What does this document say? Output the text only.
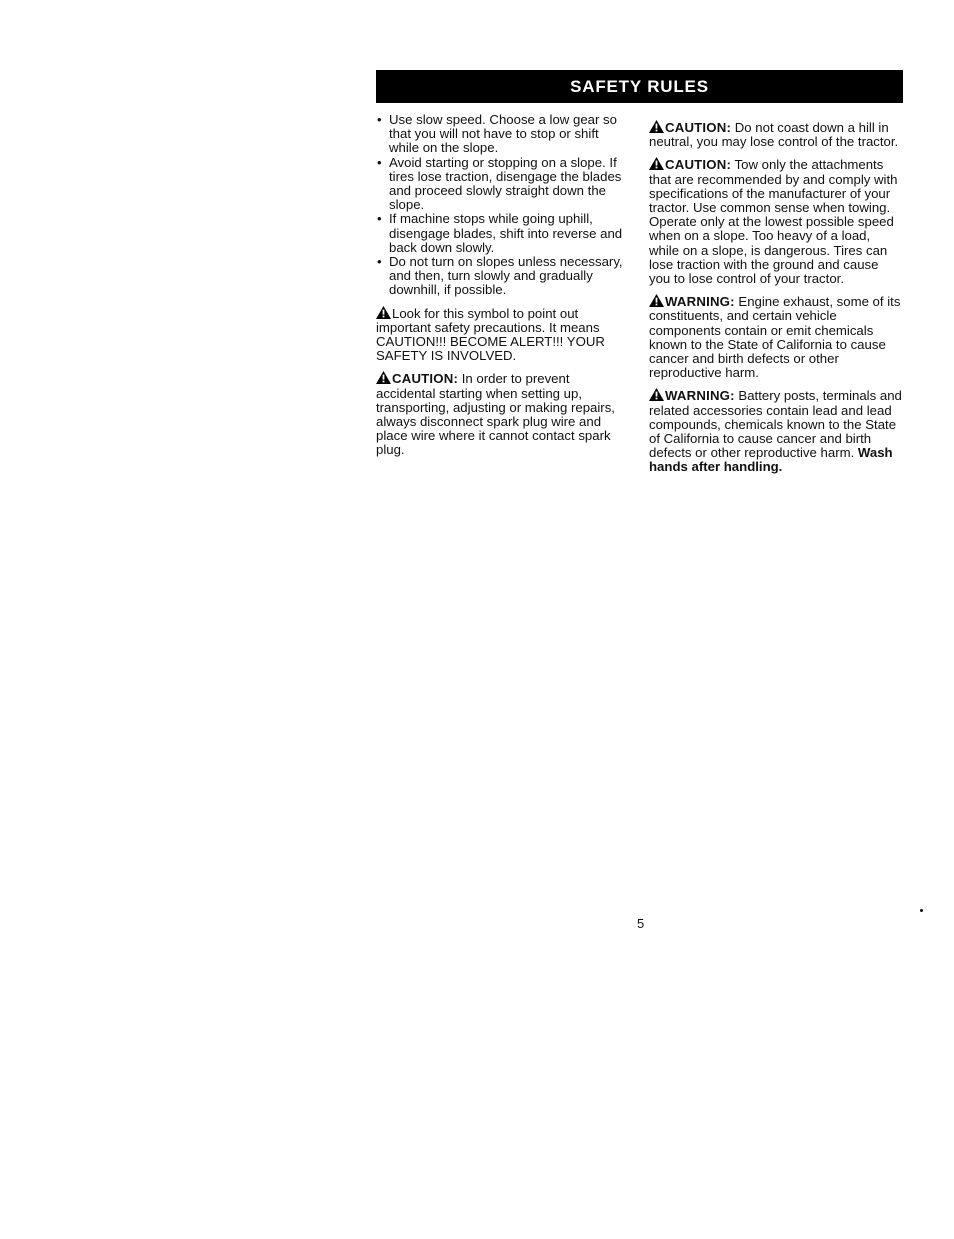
SAFETY RULES
• Use slow speed. Choose a low gear so that you will not have to stop or shift while on the slope.
• Avoid starting or stopping on a slope. If tires lose traction, disengage the blades and proceed slowly straight down the slope.
• If machine stops while going uphill, disengage blades, shift into reverse and back down slowly.
• Do not turn on slopes unless necessary, and then, turn slowly and gradually downhill, if possible.

Look for this symbol to point out important safety precautions. It means CAUTION!!! BECOME ALERT!!! YOUR SAFETY IS INVOLVED.

CAUTION: In order to prevent accidental starting when setting up, transporting, adjusting or making repairs, always disconnect spark plug wire and place wire where it cannot contact spark plug.

CAUTION: Do not coast down a hill in neutral, you may lose control of the tractor.

CAUTION: Tow only the attachments that are recommended by and comply with specifications of the manufacturer of your tractor. Use common sense when towing. Operate only at the lowest possible speed when on a slope. Too heavy of a load, while on a slope, is dangerous. Tires can lose traction with the ground and cause you to lose control of your tractor.

WARNING: Engine exhaust, some of its constituents, and certain vehicle components contain or emit chemicals known to the State of California to cause cancer and birth defects or other reproductive harm.

WARNING: Battery posts, terminals and related accessories contain lead and lead compounds, chemicals known to the State of California to cause cancer and birth defects or other reproductive harm. Wash hands after handling.

5
